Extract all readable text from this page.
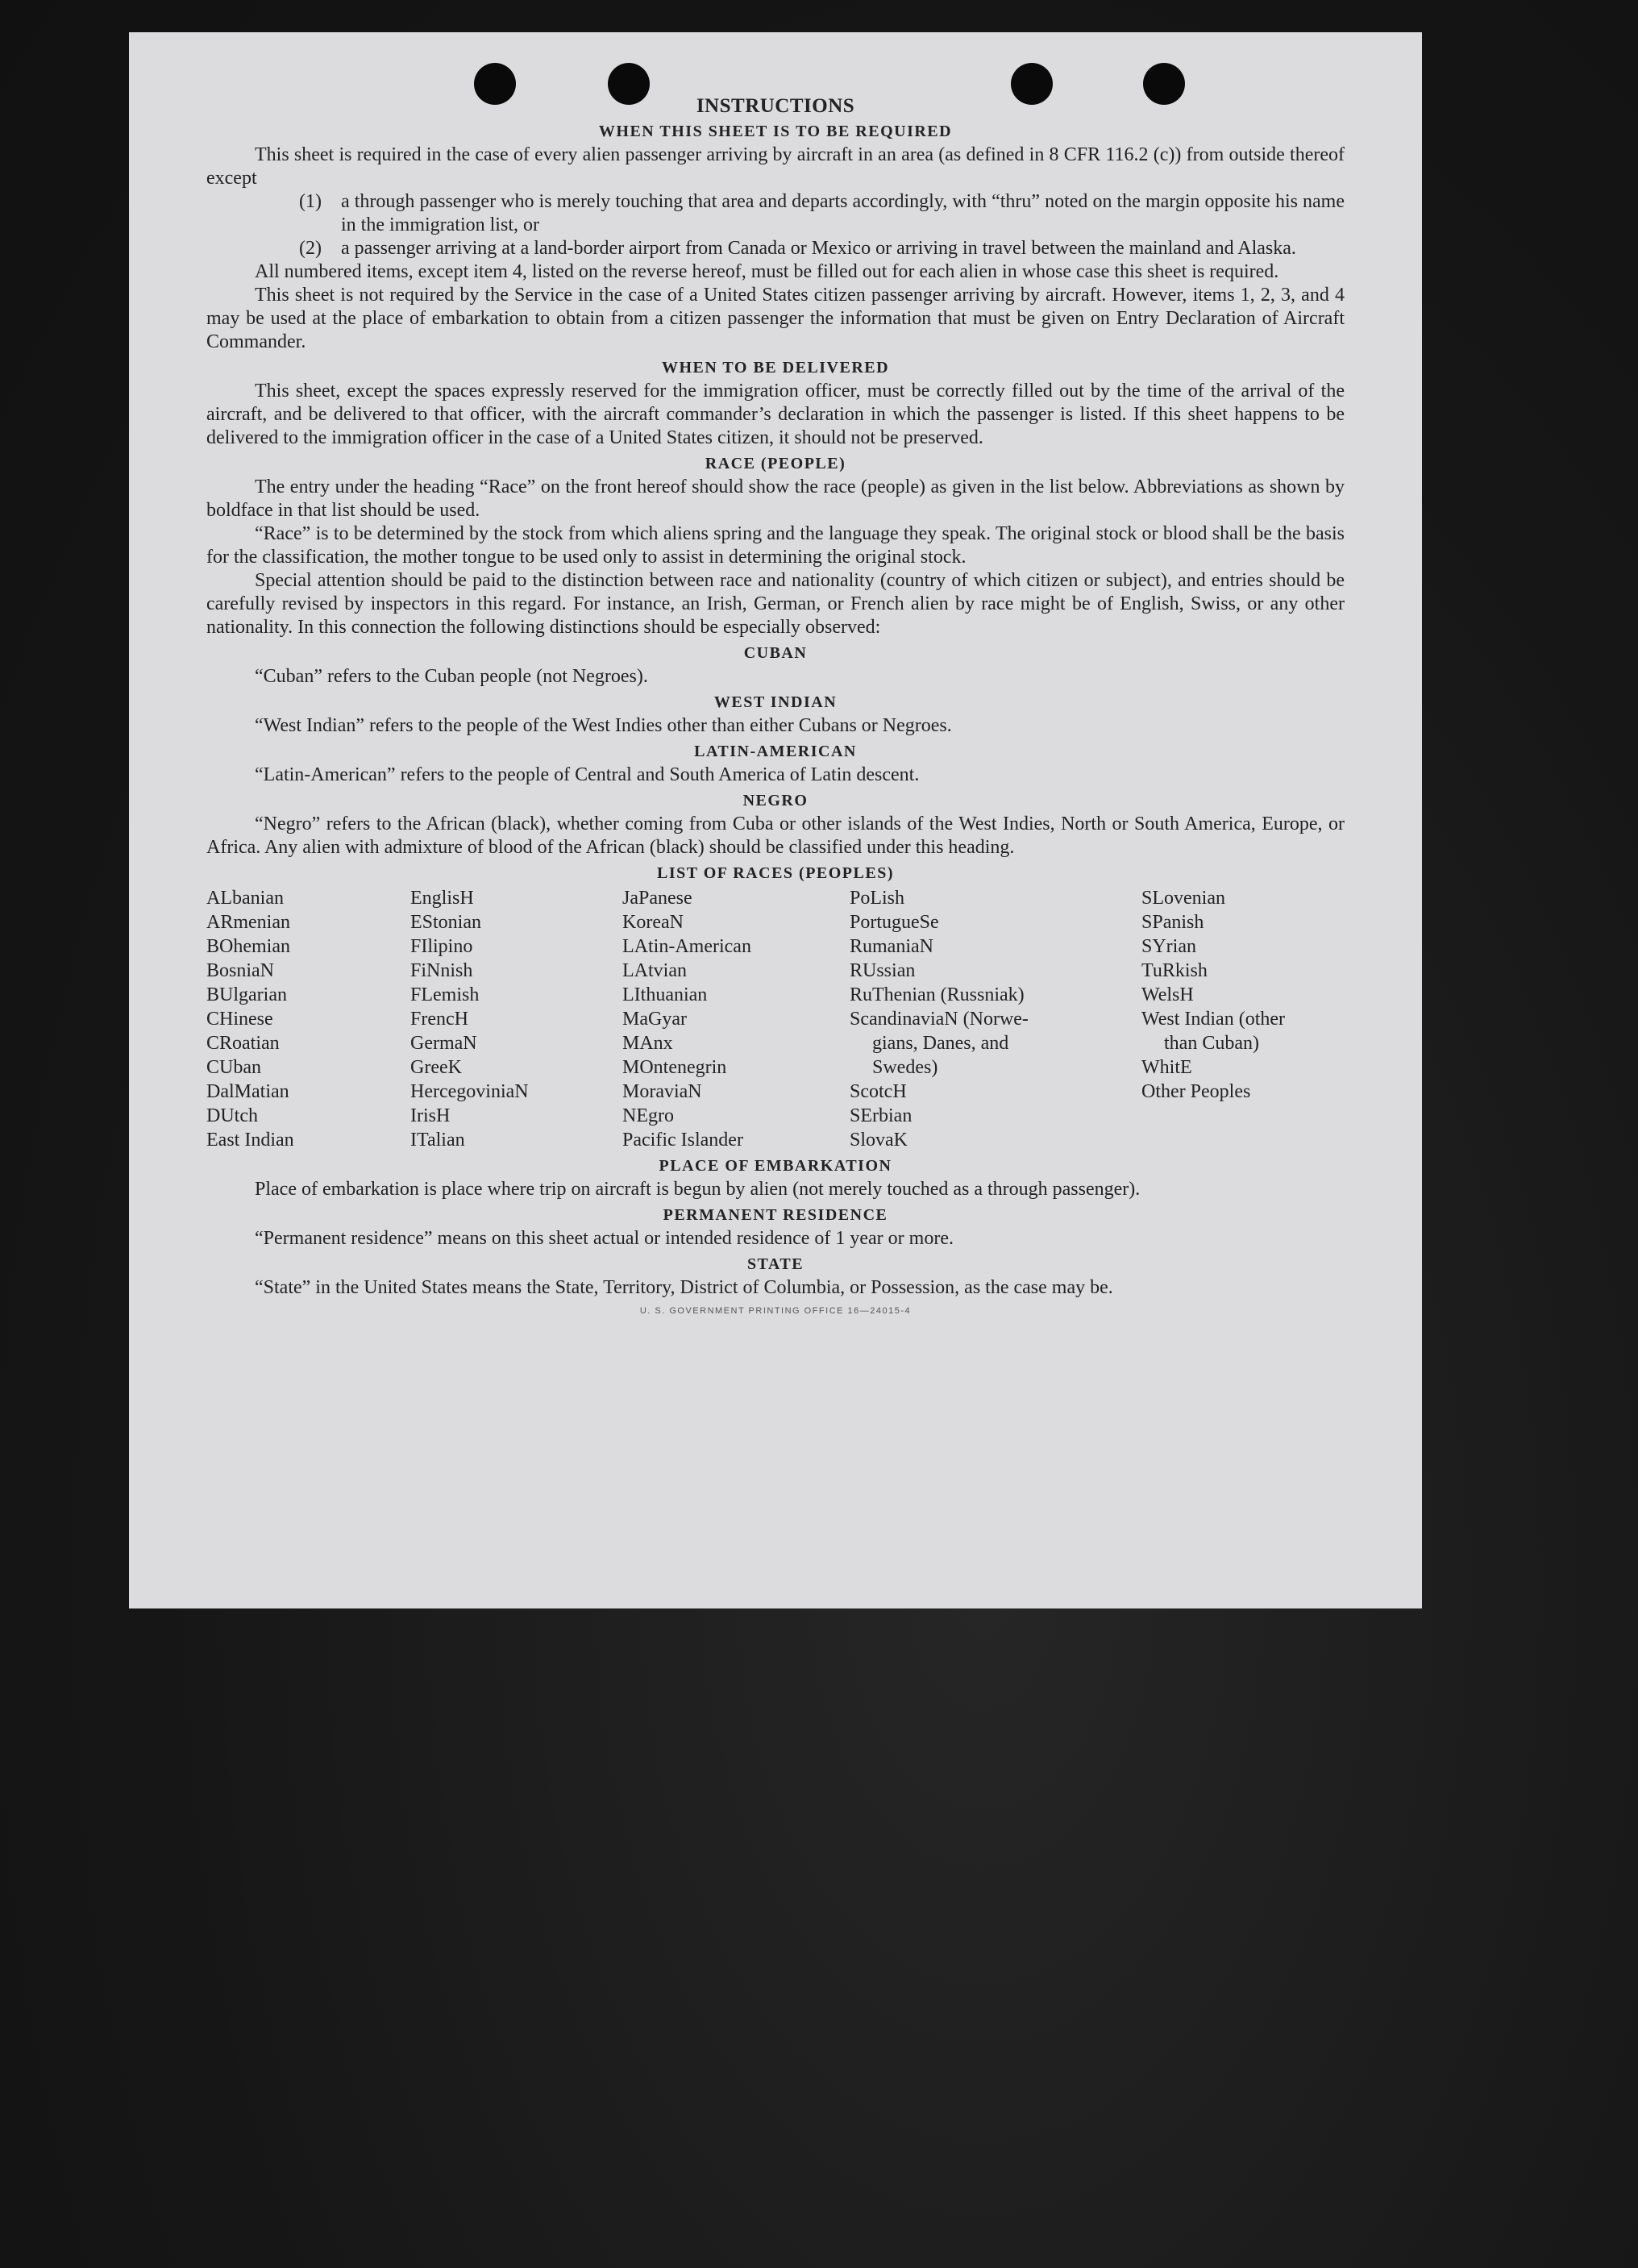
INSTRUCTIONS
WHEN THIS SHEET IS TO BE REQUIRED

This sheet is required in the case of every alien passenger arriving by aircraft in an area (as defined in 8 CFR 116.2 (c)) from outside thereof except

(1)	a through passenger who is merely touching that area and departs accordingly, with “thru” noted on the margin opposite his name in the immigration list, or
(2)	a passenger arriving at a land-border airport from Canada or Mexico or arriving in travel between the mainland and Alaska.

All numbered items, except item 4, listed on the reverse hereof, must be filled out for each alien in whose case this sheet is required.

This sheet is not required by the Service in the case of a United States citizen passenger arriving by aircraft. However, items 1, 2, 3, and 4 may be used at the place of embarkation to obtain from a citizen passenger the information that must be given on Entry Declaration of Aircraft Commander.

WHEN TO BE DELIVERED

This sheet, except the spaces expressly reserved for the immigration officer, must be correctly filled out by the time of the arrival of the aircraft, and be delivered to that officer, with the aircraft commander’s declaration in which the passenger is listed. If this sheet happens to be delivered to the immigration officer in the case of a United States citizen, it should not be preserved.

RACE (PEOPLE)

The entry under the heading “Race” on the front hereof should show the race (people) as given in the list below. Abbreviations as shown by boldface in that list should be used.

“Race” is to be determined by the stock from which aliens spring and the language they speak. The original stock or blood shall be the basis for the classification, the mother tongue to be used only to assist in determining the original stock.

Special attention should be paid to the distinction between race and nationality (country of which citizen or subject), and entries should be carefully revised by inspectors in this regard. For instance, an Irish, German, or French alien by race might be of English, Swiss, or any other nationality. In this connection the following distinctions should be especially observed:

CUBAN

“Cuban” refers to the Cuban people (not Negroes).

WEST INDIAN

“West Indian” refers to the people of the West Indies other than either Cubans or Negroes.

LATIN-AMERICAN

“Latin-American” refers to the people of Central and South America of Latin descent.

NEGRO

“Negro” refers to the African (black), whether coming from Cuba or other islands of the West Indies, North or South America, Europe, or Africa. Any alien with admixture of blood of the African (black) should be classified under this heading.

LIST OF RACES (PEOPLES)
ALbanian
ARmenian
BOhemian
BosniaN
BUlgarian
CHinese
CRoatian
CUban
DalMatian
DUtch
East Indian
EnglisH
EStonian
FIlipino
FiNnish
FLemish
FrencH
GermaN
GreeK
HercegoviniaN
IrisH
ITalian
JaPanese
KoreaN
LAtin-American
LAtvian
LIthuanian
MaGyar
MAnx
MOntenegrin
MoraviaN
NEgro
Pacific Islander
PoLish
PortugueSe
RumaniaN
RUssian
RuThenian (Russniak)
ScandinaviaN (Norwe-
gians, Danes, and
Swedes)
ScotcH
SErbian
SlovaK
SLovenian
SPanish
SYrian
TuRkish
WelsH
West Indian (other
than Cuban)
WhitE
Other Peoples
PLACE OF EMBARKATION

Place of embarkation is place where trip on aircraft is begun by alien (not merely touched as a through passenger).

PERMANENT RESIDENCE

“Permanent residence” means on this sheet actual or intended residence of 1 year or more.

STATE

“State” in the United States means the State, Territory, District of Columbia, or Possession, as the case may be.

U. S. GOVERNMENT PRINTING OFFICE 16—24015-4
